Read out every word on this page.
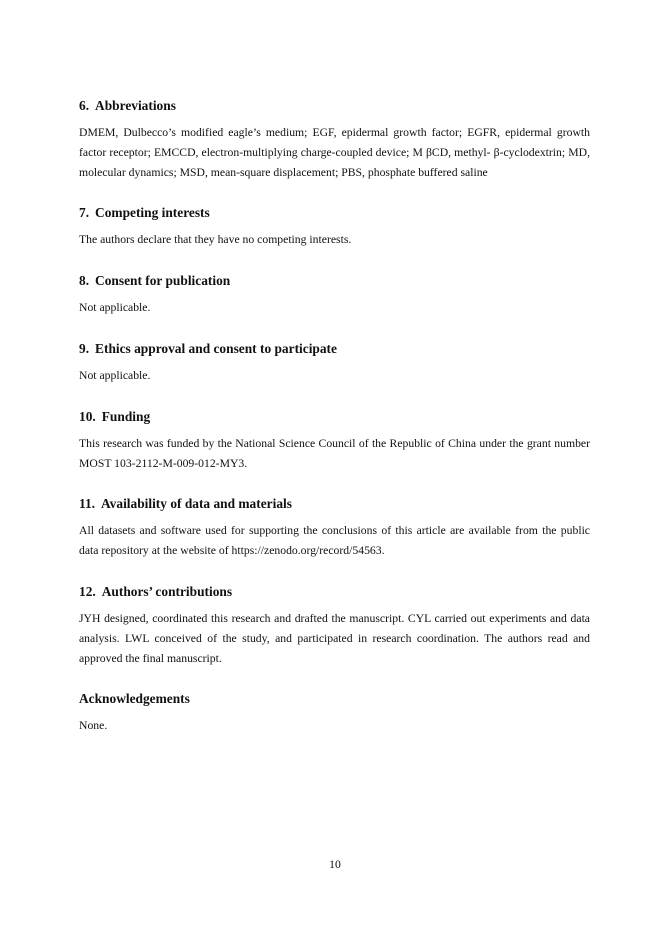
6. Abbreviations

DMEM, Dulbecco’s modified eagle’s medium; EGF, epidermal growth factor; EGFR, epidermal growth factor receptor; EMCCD, electron-multiplying charge-coupled device; M βCD, methyl- β-cyclodextrin; MD, molecular dynamics; MSD, mean-square displacement; PBS, phosphate buffered saline

7. Competing interests

The authors declare that they have no competing interests.

8. Consent for publication

Not applicable.

9. Ethics approval and consent to participate

Not applicable.

10. Funding

This research was funded by the National Science Council of the Republic of China under the grant number MOST 103-2112-M-009-012-MY3.

11. Availability of data and materials

All datasets and software used for supporting the conclusions of this article are available from the public data repository at the website of https://zenodo.org/record/54563.

12. Authors’ contributions

JYH designed, coordinated this research and drafted the manuscript. CYL carried out experiments and data analysis. LWL conceived of the study, and participated in research coordination. The authors read and approved the final manuscript.

Acknowledgements

None.

10
